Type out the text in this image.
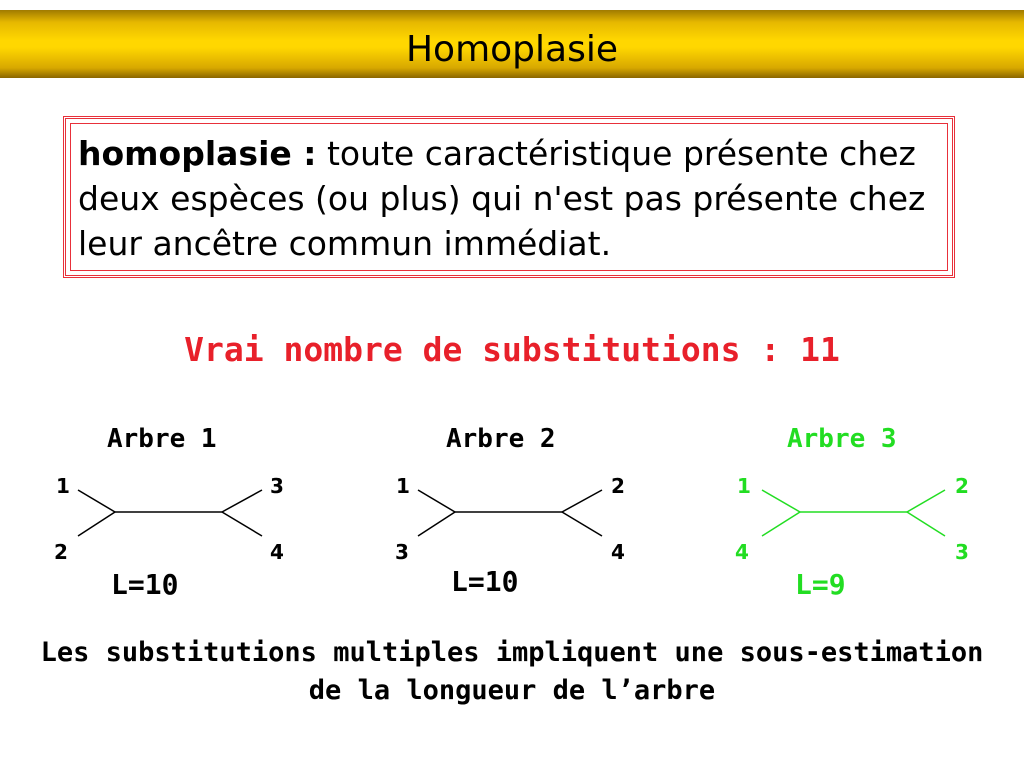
Homoplasie
homoplasie : toute caractéristique présente chez deux espèces (ou plus) qui n'est pas présente chez leur ancêtre commun immédiat.
Vrai nombre de substitutions : 11
Arbre 1
1
2
3
4
L=10
Arbre 2
1
3
2
4
L=10
Arbre 3
1
4
2
3
L=9
Les substitutions multiples impliquent une sous-estimation
de la longueur de l’arbre
